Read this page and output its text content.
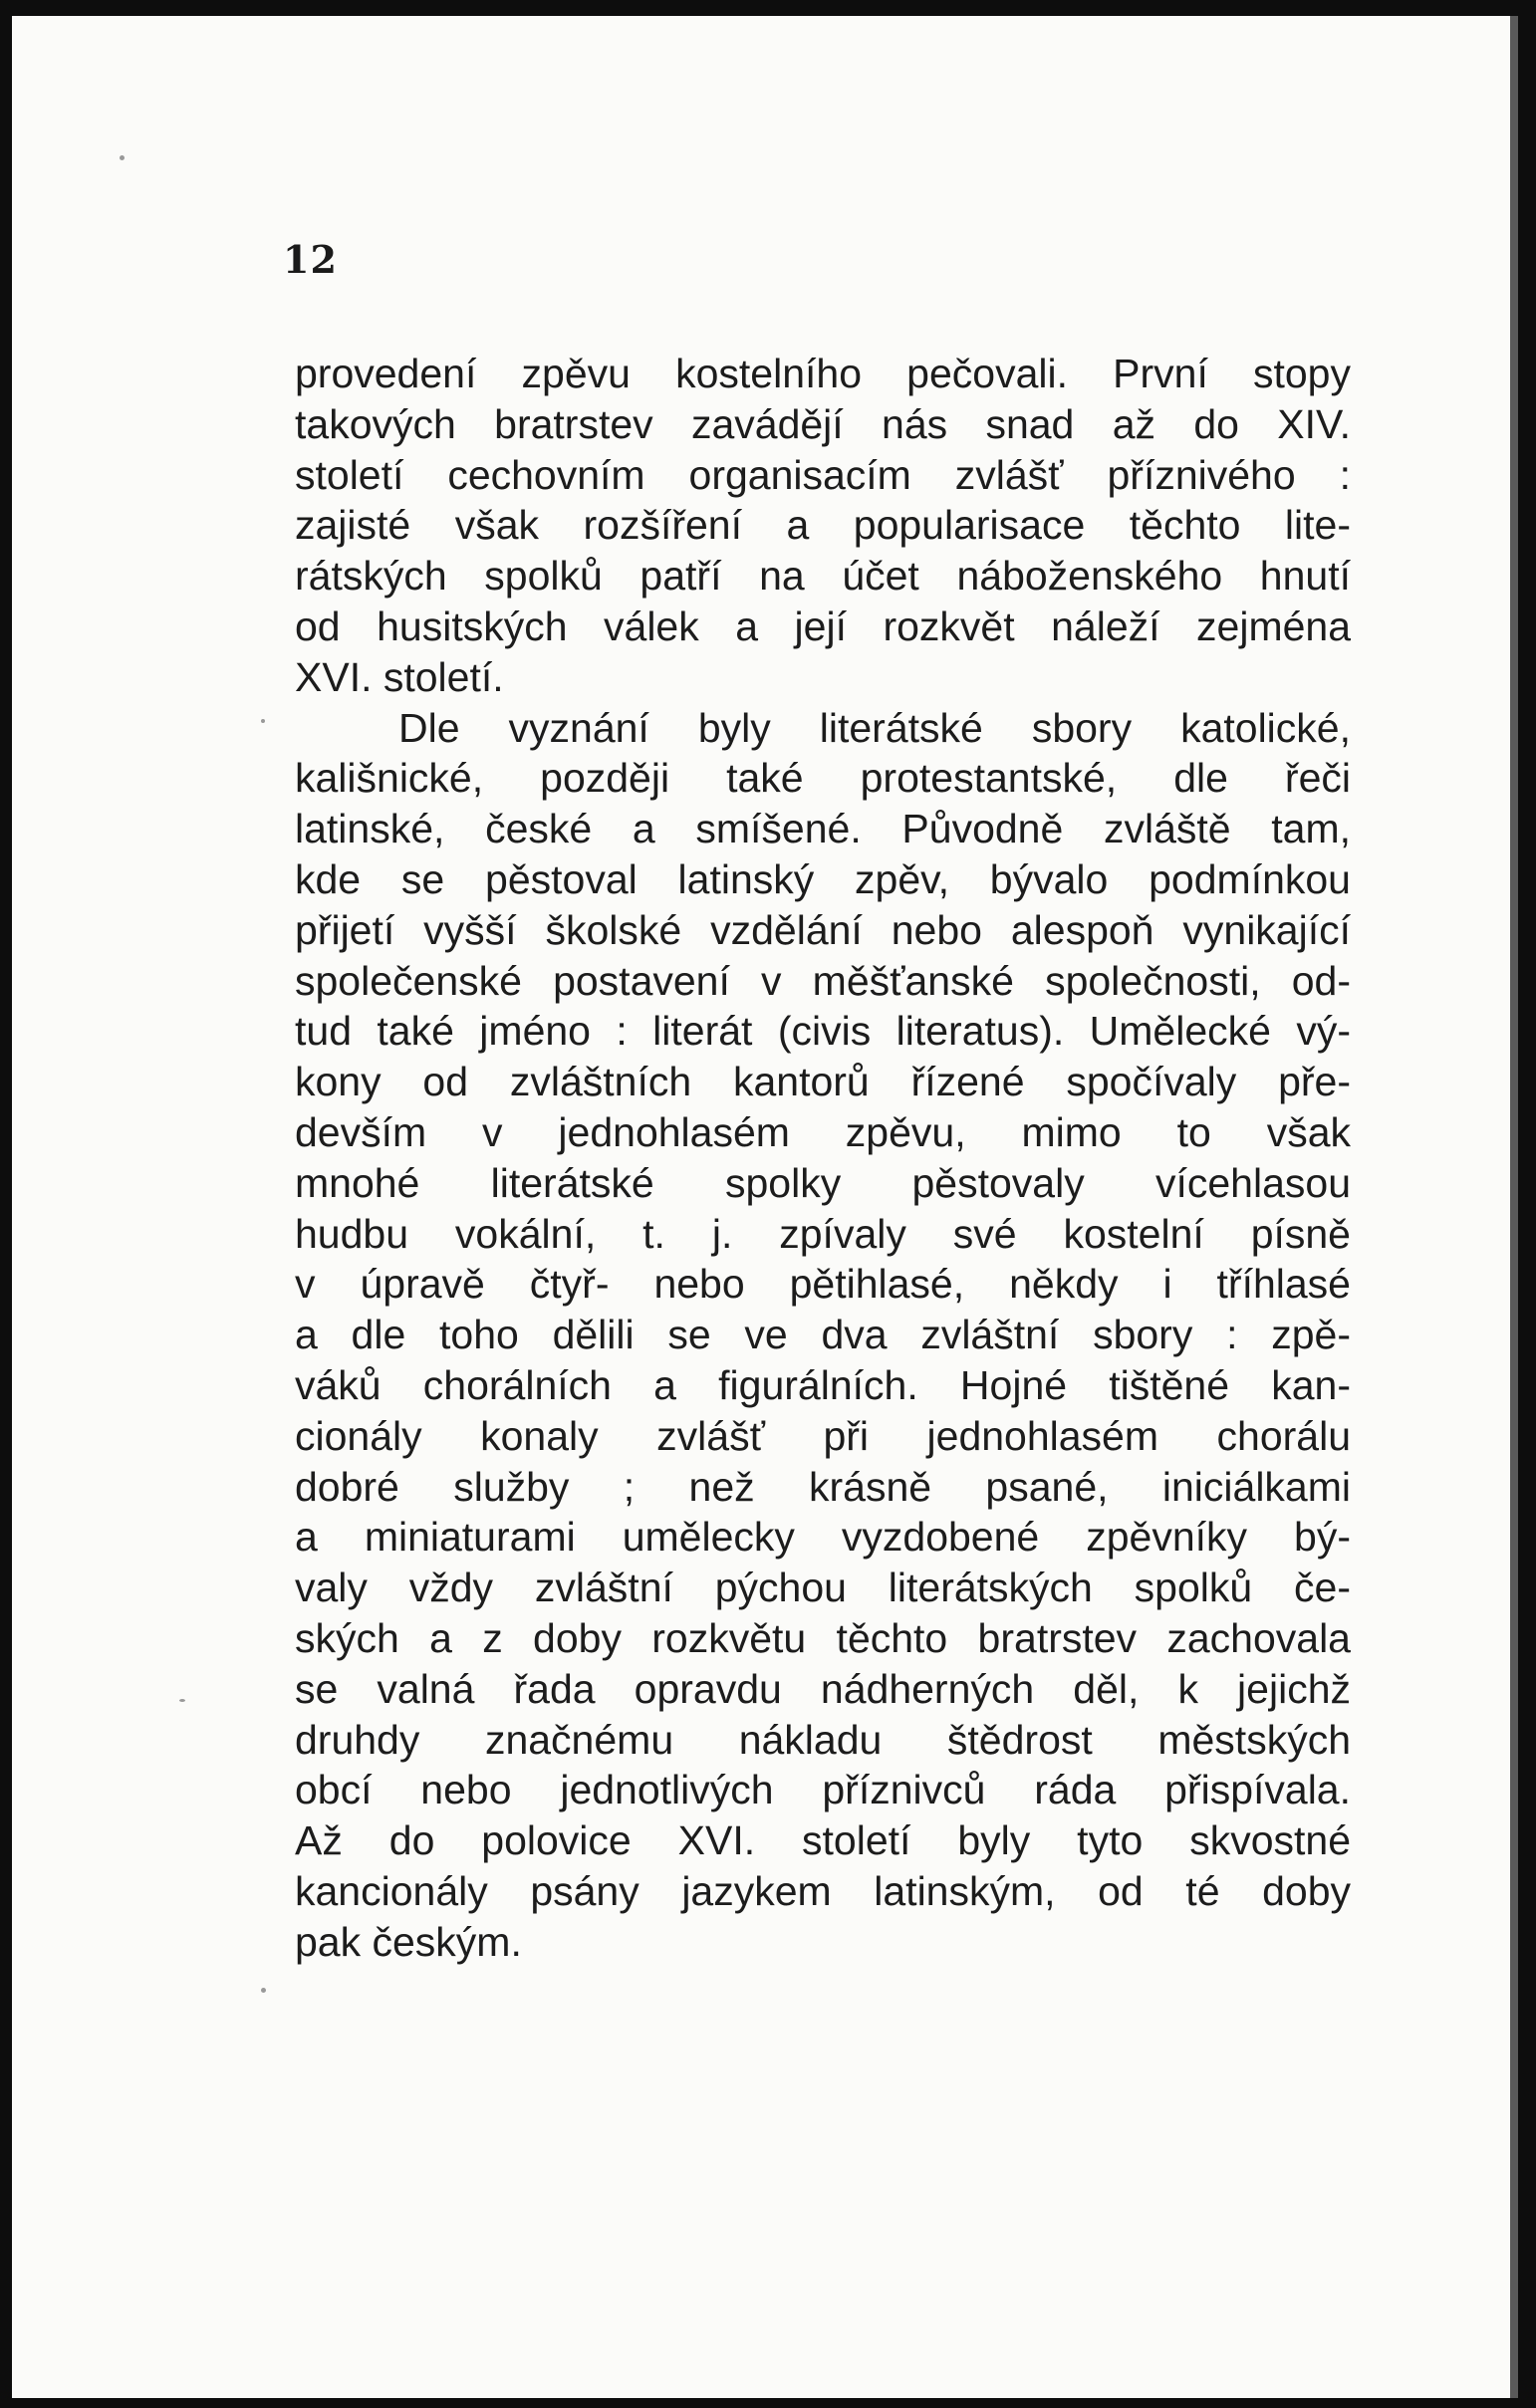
12
provedení zpěvu kostelního pečovali. První stopy
takových bratrstev zavádějí nás snad až do XIV.
století cechovním organisacím zvlášť příznivého :
zajisté však rozšíření a popularisace těchto lite-
rátských spolků patří na účet náboženského hnutí
od husitských válek a její rozkvět náleží zejména
XVI. století.
Dle vyznání byly literátské sbory katolické,
kališnické, později také protestantské, dle řeči
latinské, české a smíšené. Původně zvláště tam,
kde se pěstoval latinský zpěv, bývalo podmínkou
přijetí vyšší školské vzdělání nebo alespoň vynikající
společenské postavení v měšťanské společnosti, od-
tud také jméno : literát (civis literatus). Umělecké vý-
kony od zvláštních kantorů řízené spočívaly pře-
devším v jednohlasém zpěvu, mimo to však
mnohé literátské spolky pěstovaly vícehlasou
hudbu vokální, t. j. zpívaly své kostelní písně
v úpravě čtyř- nebo pětihlasé, někdy i tříhlasé
a dle toho dělili se ve dva zvláštní sbory : zpě-
váků chorálních a figurálních. Hojné tištěné kan-
cionály konaly zvlášť při jednohlasém chorálu
dobré služby ; než krásně psané, iniciálkami
a miniaturami umělecky vyzdobené zpěvníky bý-
valy vždy zvláštní pýchou literátských spolků če-
ských a z doby rozkvětu těchto bratrstev zachovala
se valná řada opravdu nádherných děl, k jejichž
druhdy značnému nákladu štědrost městských
obcí nebo jednotlivých příznivců ráda přispívala.
Až do polovice XVI. století byly tyto skvostné
kancionály psány jazykem latinským, od té doby
pak českým.
